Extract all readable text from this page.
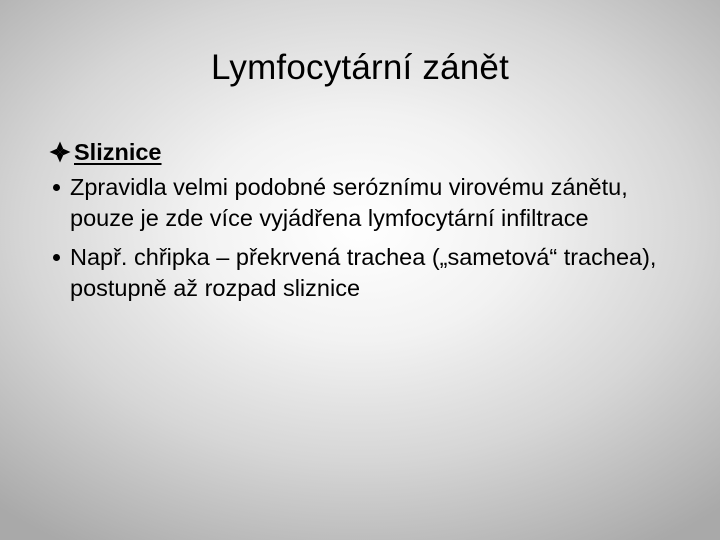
Lymfocytární zánět
Sliznice
Zpravidla velmi podobné seróznímu virovému zánětu, pouze je zde více vyjádřena lymfocytární infiltrace
Např. chřipka – překrvená trachea („sametová“ trachea), postupně až rozpad sliznice
